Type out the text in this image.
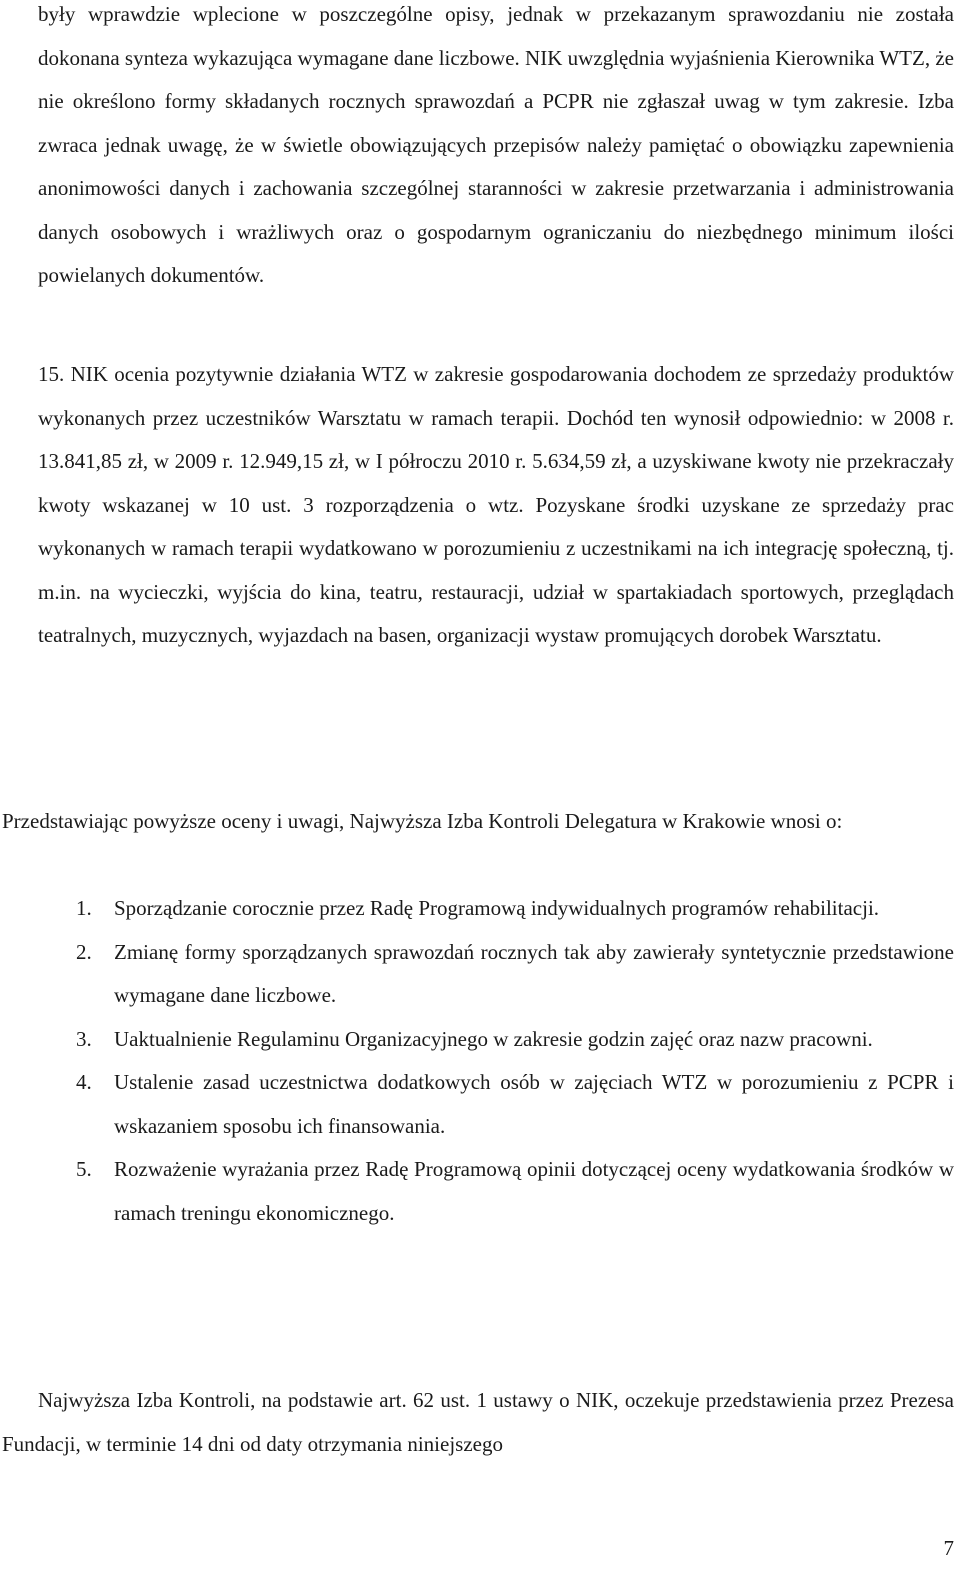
były wprawdzie wplecione w poszczególne opisy, jednak w przekazanym sprawozdaniu nie została dokonana synteza wykazująca wymagane dane liczbowe. NIK uwzględnia wyjaśnienia Kierownika WTZ, że nie określono formy składanych rocznych sprawozdań a PCPR nie zgłaszał uwag w tym zakresie. Izba zwraca jednak uwagę, że w świetle obowiązujących przepisów należy pamiętać o obowiązku zapewnienia anonimowości danych i zachowania szczególnej staranności w zakresie przetwarzania i administrowania danych osobowych i wrażliwych oraz o gospodarnym ograniczaniu do niezbędnego minimum ilości powielanych dokumentów.

15. NIK ocenia pozytywnie działania WTZ w zakresie gospodarowania dochodem ze sprzedaży produktów wykonanych przez uczestników Warsztatu w ramach terapii. Dochód ten wynosił odpowiednio: w 2008 r. 13.841,85 zł, w 2009 r. 12.949,15 zł, w I półroczu 2010 r. 5.634,59 zł, a uzyskiwane kwoty nie przekraczały kwoty wskazanej w 10 ust. 3 rozporządzenia o wtz. Pozyskane środki uzyskane ze sprzedaży prac wykonanych w ramach terapii wydatkowano w porozumieniu z uczestnikami na ich integrację społeczną, tj. m.in. na wycieczki, wyjścia do kina, teatru, restauracji, udział w spartakiadach sportowych, przeglądach teatralnych, muzycznych, wyjazdach na basen, organizacji wystaw promujących dorobek Warsztatu.

Przedstawiając powyższe oceny i uwagi, Najwyższa Izba Kontroli Delegatura w Krakowie wnosi o:

1. Sporządzanie corocznie przez Radę Programową indywidualnych programów rehabilitacji.
2. Zmianę formy sporządzanych sprawozdań rocznych tak aby zawierały syntetycznie przedstawione wymagane dane liczbowe.
3. Uaktualnienie Regulaminu Organizacyjnego w zakresie godzin zajęć oraz nazw pracowni.
4. Ustalenie zasad uczestnictwa dodatkowych osób w zajęciach WTZ w porozumieniu z PCPR i wskazaniem sposobu ich finansowania.
5. Rozważenie wyrażania przez Radę Programową opinii dotyczącej oceny wydatkowania środków w ramach treningu ekonomicznego.

Najwyższa Izba Kontroli, na podstawie art. 62 ust. 1 ustawy o NIK, oczekuje przedstawienia przez Prezesa Fundacji, w terminie 14 dni od daty otrzymania niniejszego

7
